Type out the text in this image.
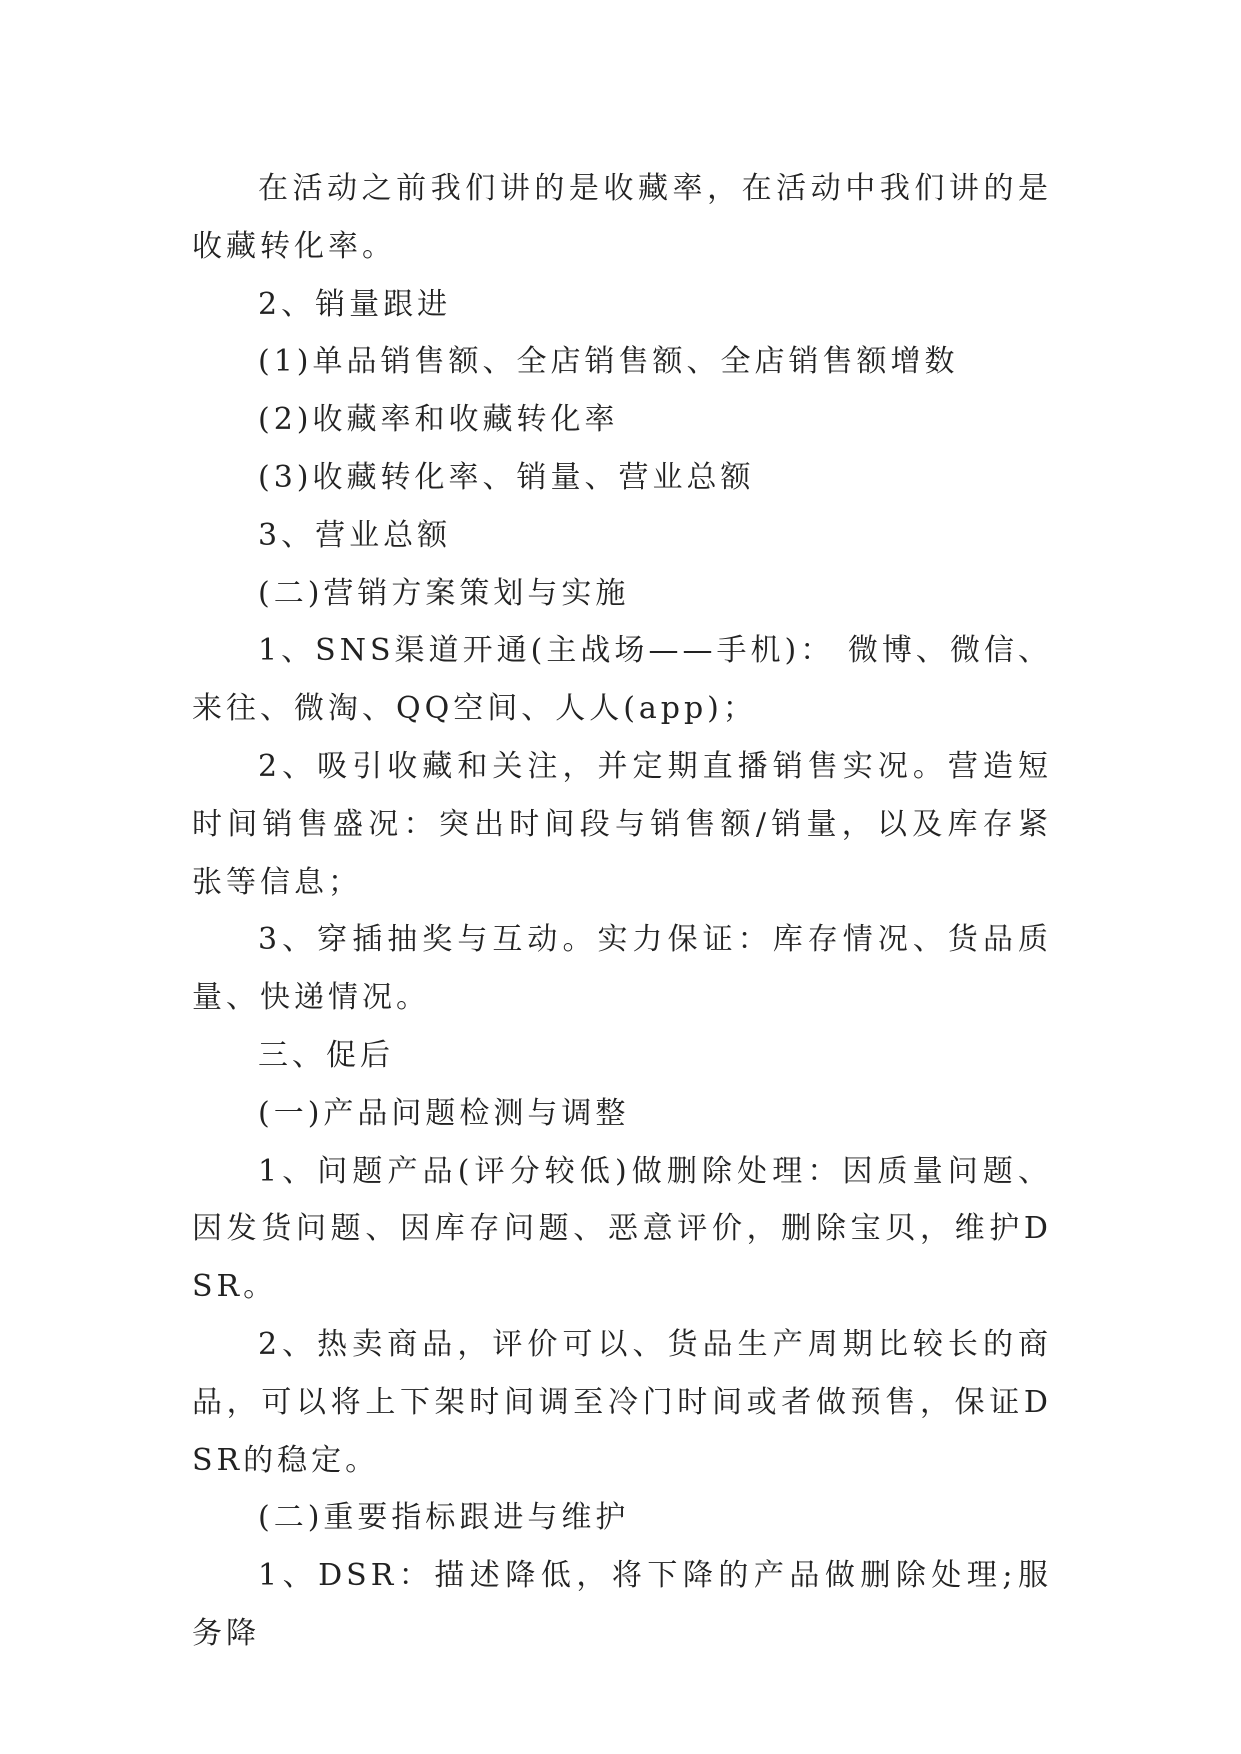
在活动之前我们讲的是收藏率，在活动中我们讲的是收藏转化率。

2、销量跟进

(1)单品销售额、全店销售额、全店销售额增数

(2)收藏率和收藏转化率

(3)收藏转化率、销量、营业总额

3、营业总额

(二)营销方案策划与实施

1、SNS渠道开通(主战场——手机)： 微博、微信、来往、微淘、QQ空间、人人(app)；

2、吸引收藏和关注，并定期直播销售实况。营造短时间销售盛况：突出时间段与销售额/销量，以及库存紧张等信息；

3、穿插抽奖与互动。实力保证：库存情况、货品质量、快递情况。

三、促后

(一)产品问题检测与调整

1、问题产品(评分较低)做删除处理：因质量问题、因发货问题、因库存问题、恶意评价，删除宝贝，维护DSR。

2、热卖商品，评价可以、货品生产周期比较长的商品，可以将上下架时间调至冷门时间或者做预售，保证DSR的稳定。

(二)重要指标跟进与维护

1、DSR：描述降低，将下降的产品做删除处理;服务降
